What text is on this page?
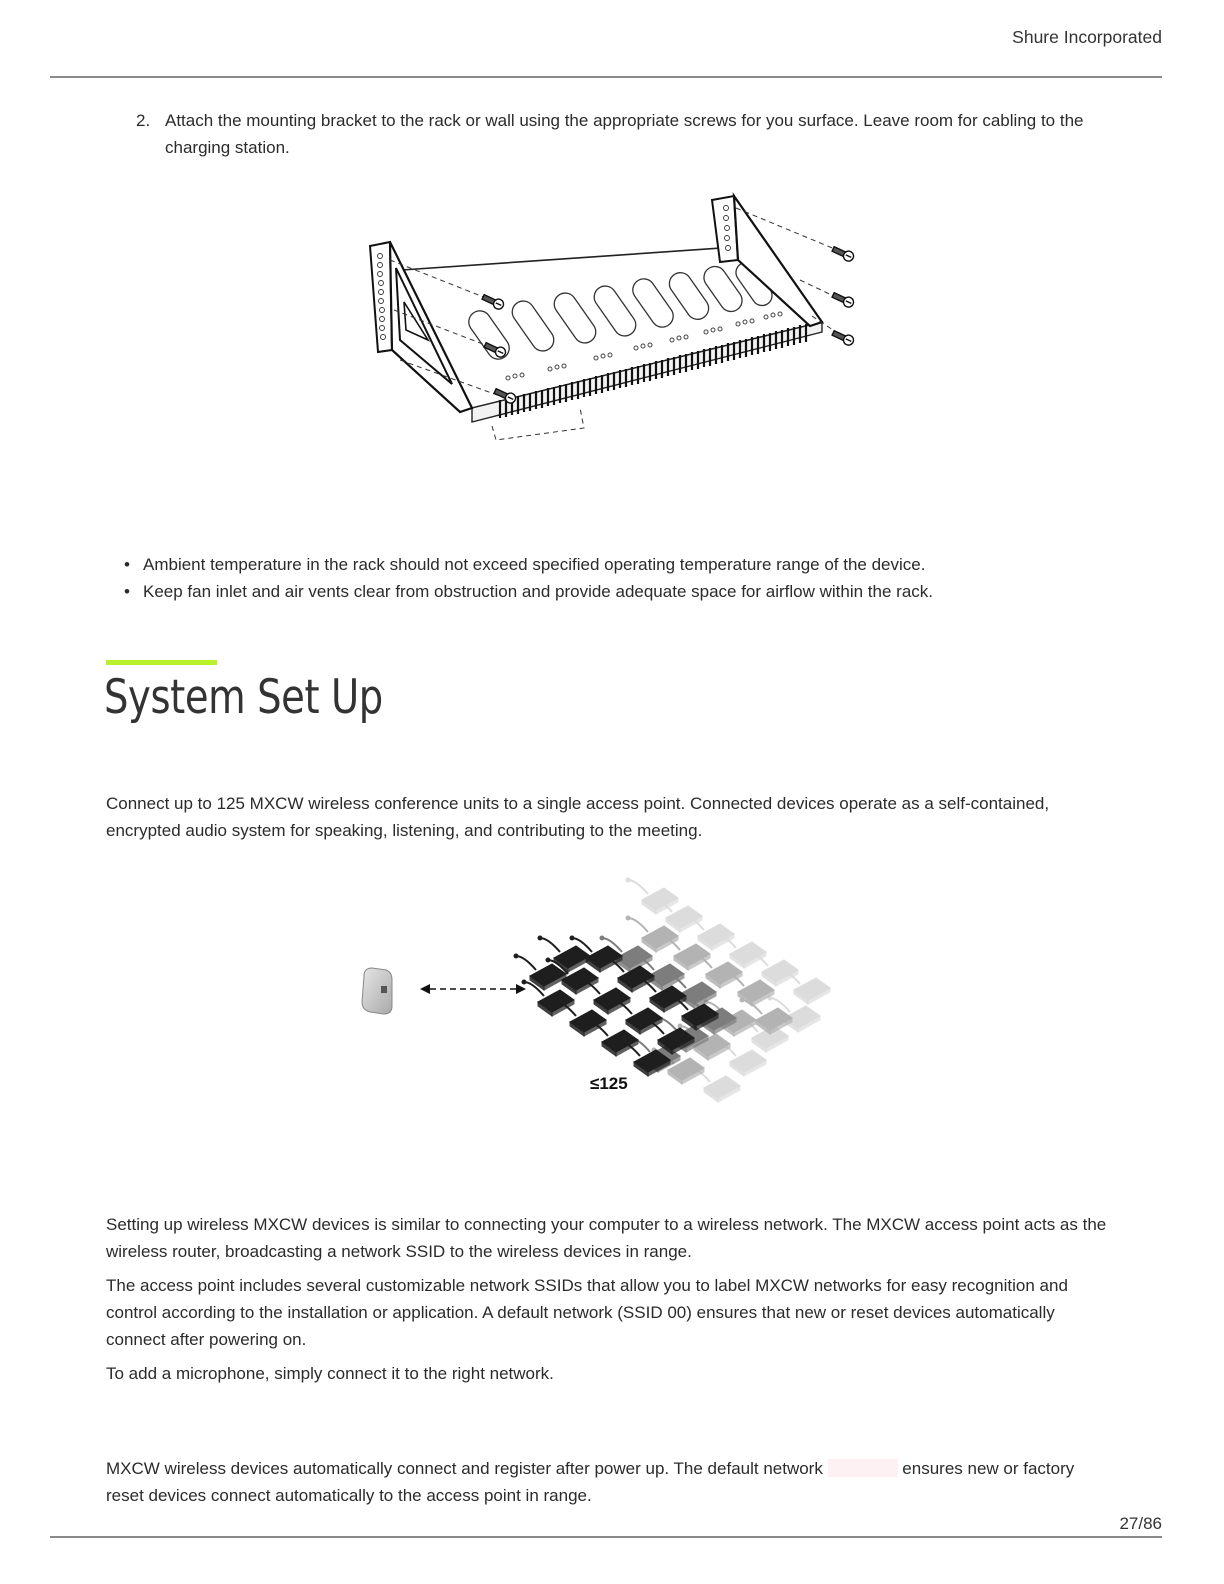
Shure Incorporated
2. Attach the mounting bracket to the rack or wall using the appropriate screws for you surface. Leave room for cabling to the charging station.
• Ambient temperature in the rack should not exceed specified operating temperature range of the device.
• Keep fan inlet and air vents clear from obstruction and provide adequate space for airflow within the rack.
System Set Up

Connect up to 125 MXCW wireless conference units to a single access point. Connected devices operate as a self-contained, encrypted audio system for speaking, listening, and contributing to the meeting.

≤125

Setting up wireless MXCW devices is similar to connecting your computer to a wireless network. The MXCW access point acts as the wireless router, broadcasting a network SSID to the wireless devices in range.

The access point includes several customizable network SSIDs that allow you to label MXCW networks for easy recognition and control according to the installation or application. A default network (SSID 00) ensures that new or reset devices automatically connect after powering on.

To add a microphone, simply connect it to the right network.

MXCW wireless devices automatically connect and register after power up. The default network	ensures new or factory reset devices connect automatically to the access point in range.

27/86
